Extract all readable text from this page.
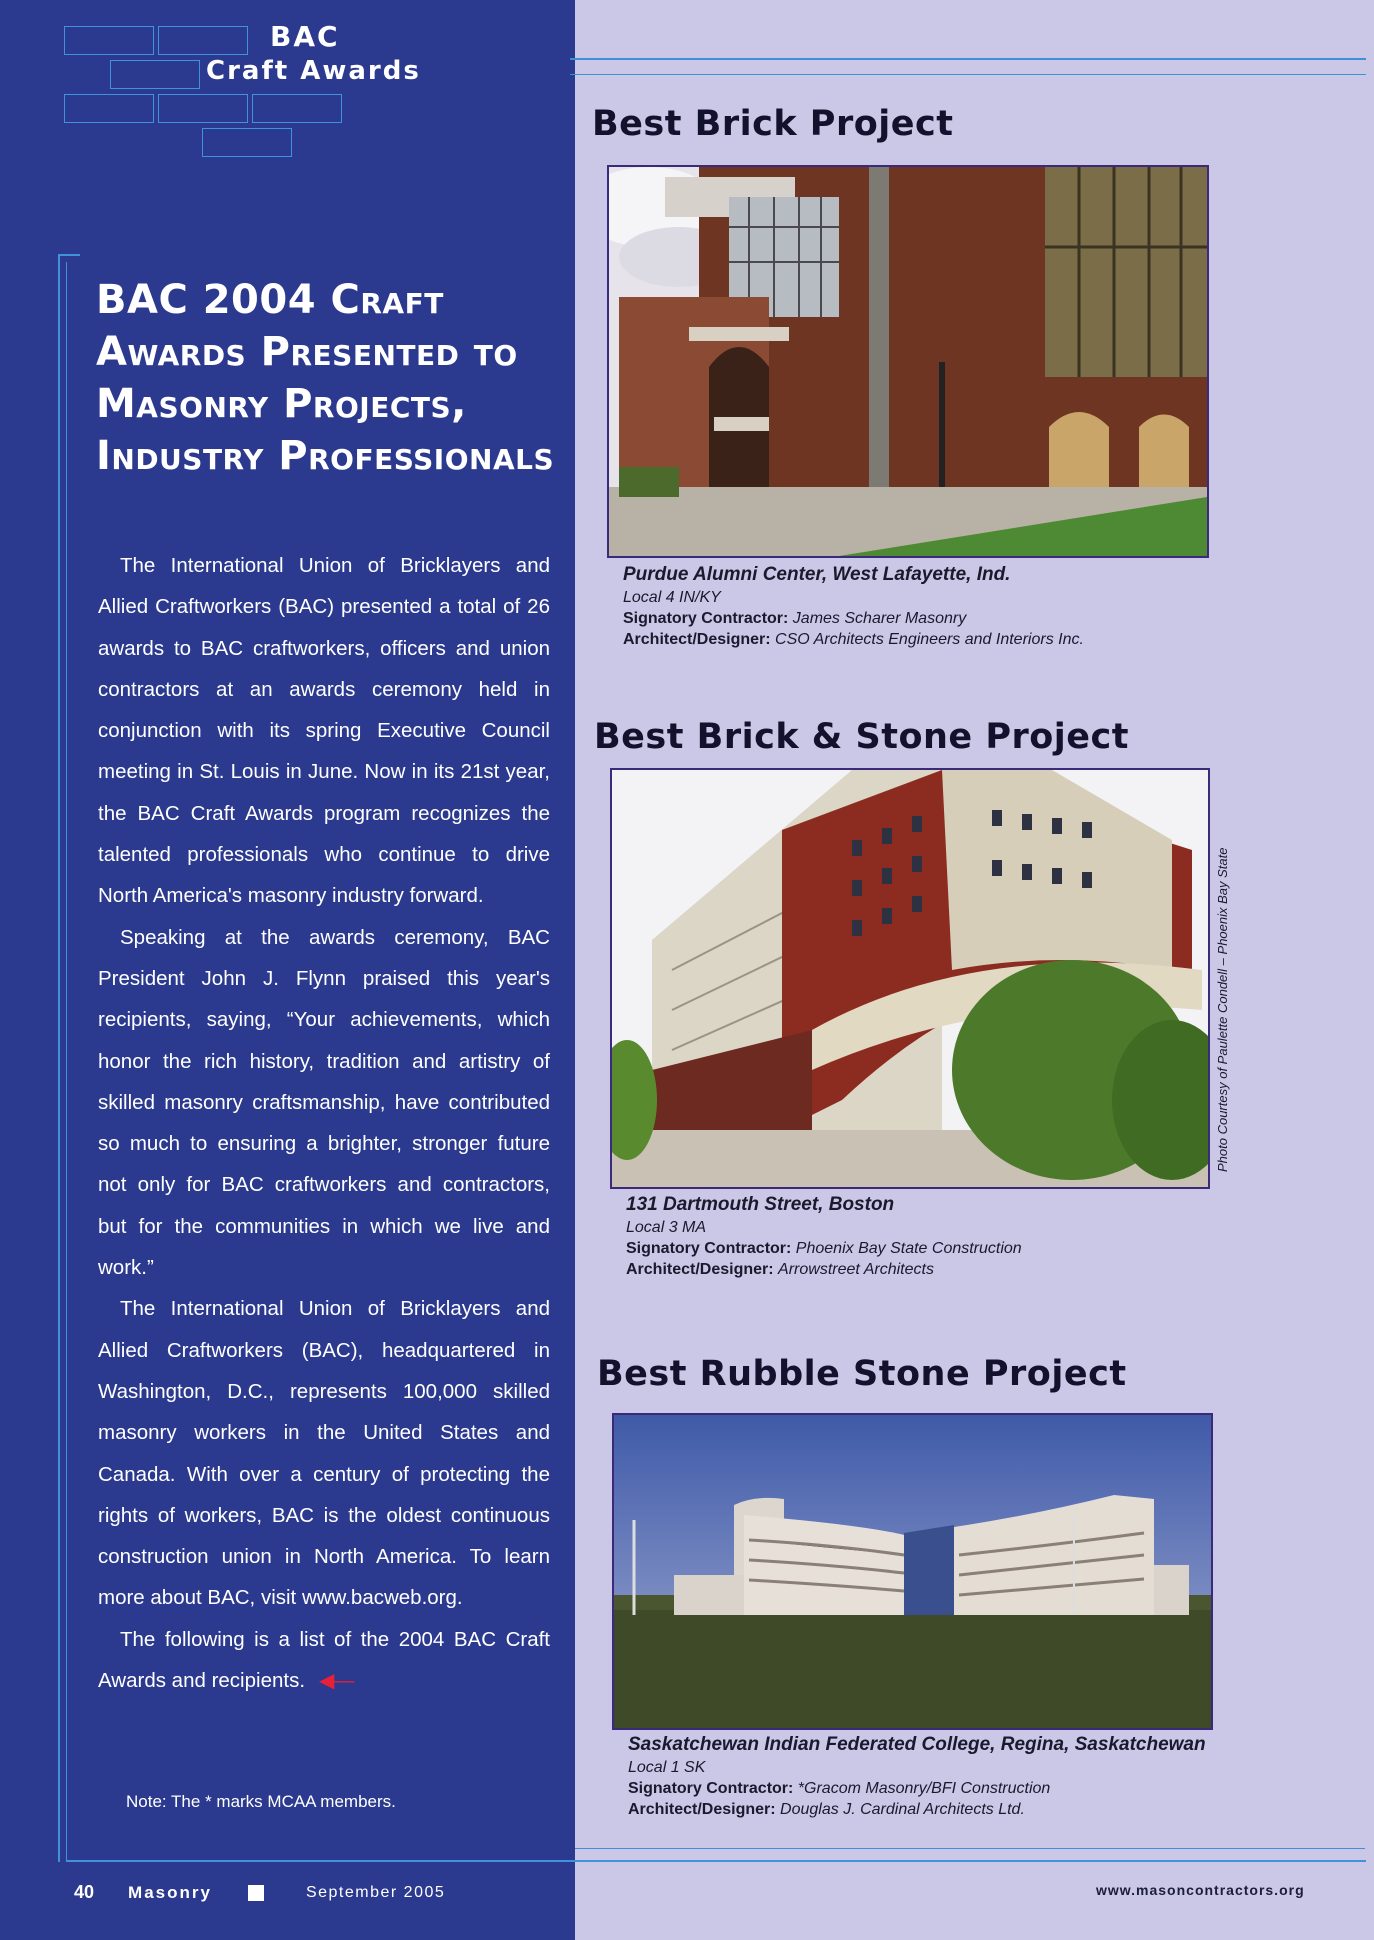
BAC
Craft Awards
BAC 2004 Craft Awards Presented to Masonry Projects, Industry Professionals

The International Union of Bricklayers and Allied Craftworkers (BAC) presented a total of 26 awards to BAC craftworkers, officers and union contractors at an awards ceremony held in conjunction with its spring Executive Council meeting in St. Louis in June. Now in its 21st year, the BAC Craft Awards program recognizes the talented professionals who continue to drive North America's masonry industry forward.

Speaking at the awards ceremony, BAC President John J. Flynn praised this year's recipients, saying, “Your achievements, which honor the rich history, tradition and artistry of skilled masonry craftsmanship, have contributed so much to ensuring a brighter, stronger future not only for BAC craftworkers and contractors, but for the communities in which we live and work.”

The International Union of Bricklayers and Allied Craftworkers (BAC), headquartered in Washington, D.C., represents 100,000 skilled masonry workers in the United States and Canada. With over a century of protecting the rights of workers, BAC is the oldest continuous construction union in North America. To learn more about BAC, visit www.bacweb.org.

The following is a list of the 2004 BAC Craft Awards and recipients. ◀—

Note: The * marks MCAA members.
40 Masonry	September 2005
Best Brick Project
Purdue Alumni Center, West Lafayette, Ind.
Local 4 IN/KY
Signatory Contractor: James Scharer Masonry
Architect/Designer: CSO Architects Engineers and Interiors Inc.
Best Brick & Stone Project
Photo Courtesy of Paulette Condell – Phoenix Bay State
131 Dartmouth Street, Boston
Local 3 MA
Signatory Contractor: Phoenix Bay State Construction
Architect/Designer: Arrowstreet Architects
Best Rubble Stone Project
Saskatchewan Indian Federated College, Regina, Saskatchewan
Local 1 SK
Signatory Contractor: *Gracom Masonry/BFI Construction
Architect/Designer: Douglas J. Cardinal Architects Ltd.
www.masoncontractors.org
